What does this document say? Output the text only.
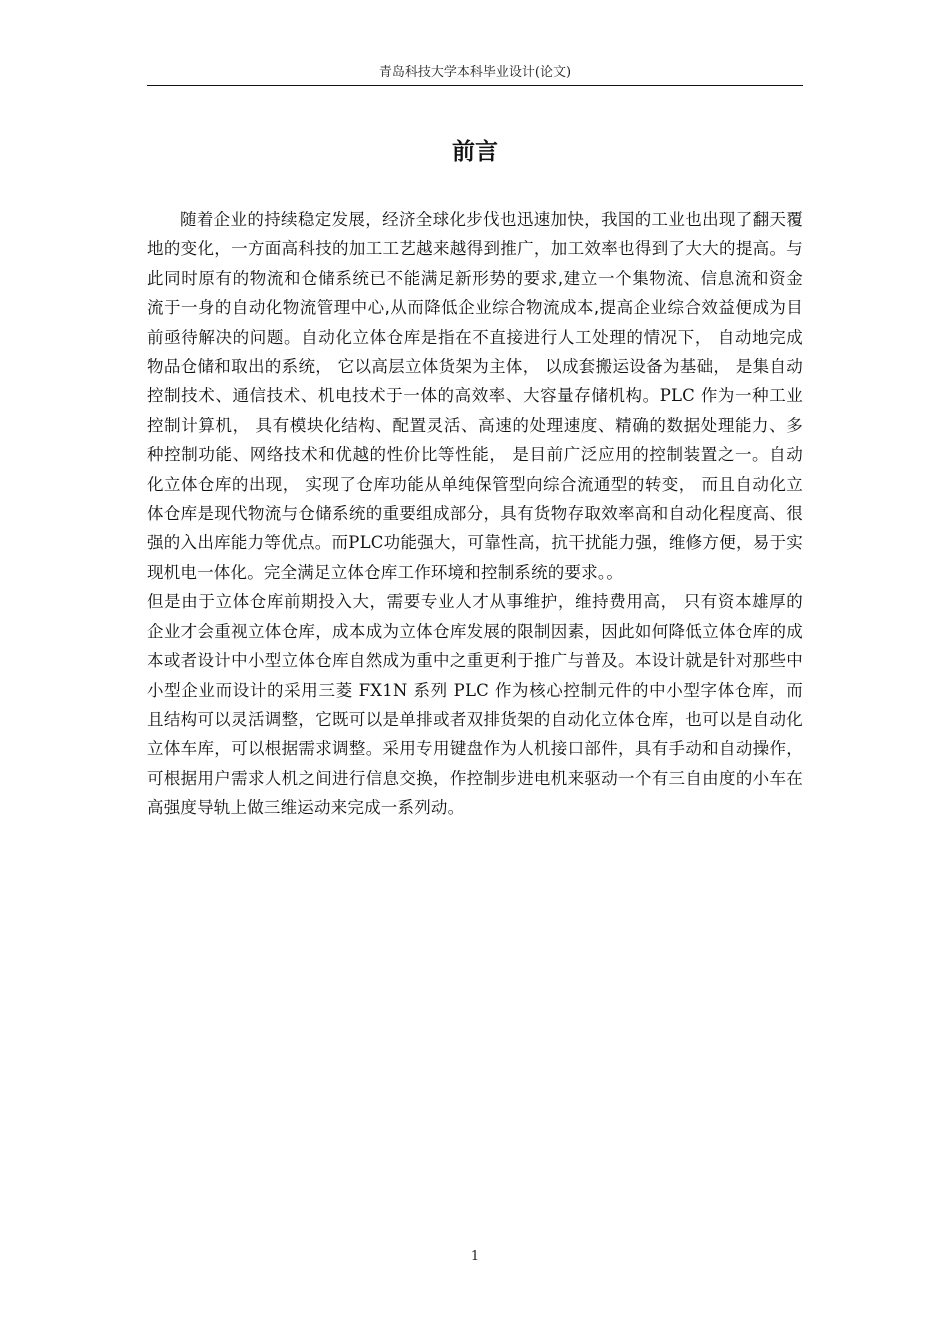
青岛科技大学本科毕业设计(论文)
前言

随着企业的持续稳定发展，经济全球化步伐也迅速加快，我国的工业也出现了翻天覆地的变化，一方面高科技的加工工艺越来越得到推广，加工效率也得到了大大的提高。与此同时原有的物流和仓储系统已不能满足新形势的要求,建立一个集物流、信息流和资金流于一身的自动化物流管理中心,从而降低企业综合物流成本,提高企业综合效益便成为目前亟待解决的问题。自动化立体仓库是指在不直接进行人工处理的情况下， 自动地完成物品仓储和取出的系统， 它以高层立体货架为主体， 以成套搬运设备为基础， 是集自动控制技术、通信技术、机电技术于一体的高效率、大容量存储机构。PLC 作为一种工业控制计算机， 具有模块化结构、配置灵活、高速的处理速度、精确的数据处理能力、多种控制功能、网络技术和优越的性价比等性能， 是目前广泛应用的控制装置之一。自动化立体仓库的出现， 实现了仓库功能从单纯保管型向综合流通型的转变， 而且自动化立体仓库是现代物流与仓储系统的重要组成部分，具有货物存取效率高和自动化程度高、很强的入出库能力等优点。而PLC功能强大，可靠性高，抗干扰能力强，维修方便，易于实现机电一体化。完全满足立体仓库工作环境和控制系统的要求。。

但是由于立体仓库前期投入大，需要专业人才从事维护，维持费用高， 只有资本雄厚的企业才会重视立体仓库，成本成为立体仓库发展的限制因素，因此如何降低立体仓库的成本或者设计中小型立体仓库自然成为重中之重更利于推广与普及。本设计就是针对那些中小型企业而设计的采用三菱 FX1N 系列 PLC 作为核心控制元件的中小型字体仓库，而且结构可以灵活调整，它既可以是单排或者双排货架的自动化立体仓库，也可以是自动化立体车库，可以根据需求调整。采用专用键盘作为人机接口部件，具有手动和自动操作，可根据用户需求人机之间进行信息交换，作控制步进电机来驱动一个有三自由度的小车在高强度导轨上做三维运动来完成一系列动。

1
